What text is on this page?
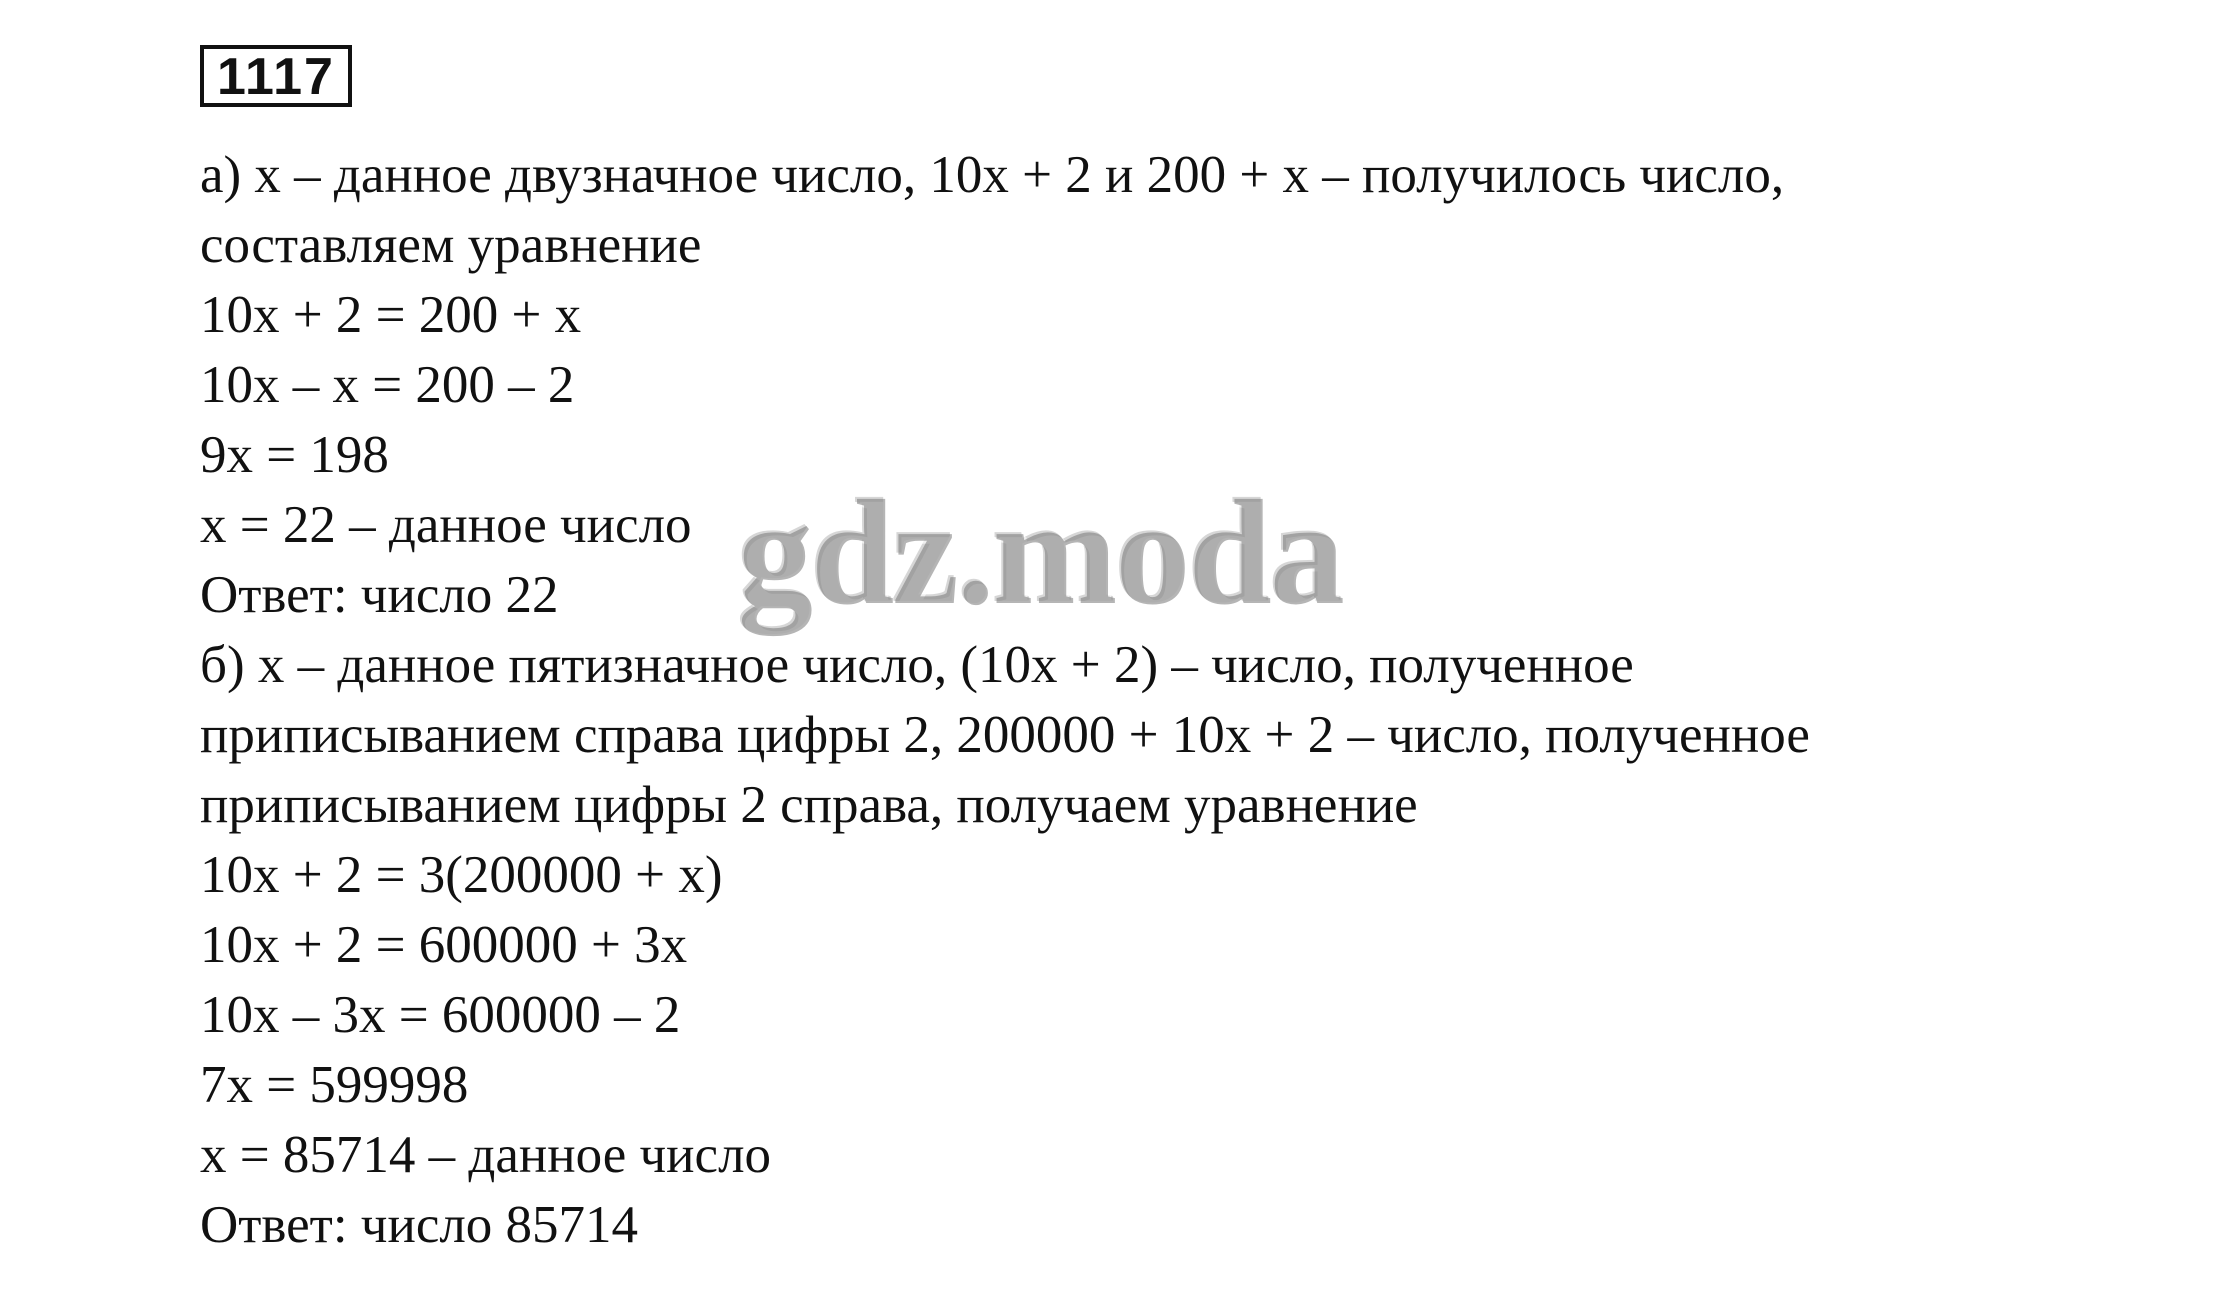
1117
а) х – данное двузначное число, 10х + 2 и 200 + х – получилось число,
составляем уравнение
10х + 2 = 200 + х
10х – х = 200 – 2
9х = 198
х = 22 – данное число
Ответ: число 22
б) х – данное пятизначное число, (10х + 2) – число, полученное
приписыванием справа цифры 2, 200000 + 10х + 2 – число, полученное
приписыванием цифры 2 справа, получаем уравнение
10х + 2 = 3(200000 + х)
10х + 2 = 600000 + 3х
10х – 3х = 600000 – 2
7х = 599998
х = 85714 – данное число
Ответ: число 85714
gdz.moda
